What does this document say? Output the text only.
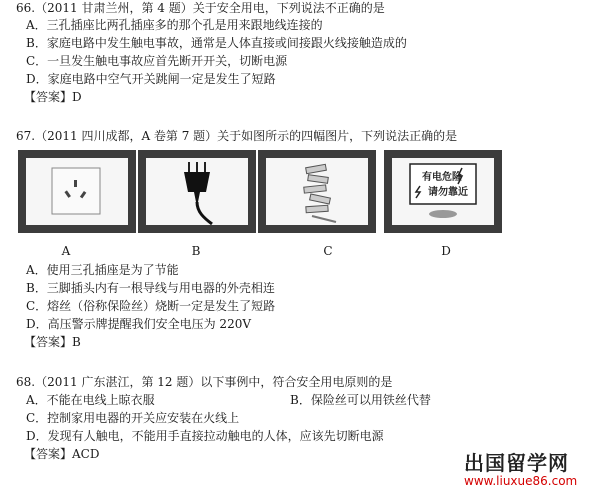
66.（2011 甘肃兰州，第 4 题）关于安全用电，下列说法不正确的是
A．三孔插座比两孔插座多的那个孔是用来跟地线连接的
B．家庭电路中发生触电事故，通常是人体直接或间接跟火线接触造成的
C．一旦发生触电事故应首先断开开关，切断电源
D．家庭电路中空气开关跳闸一定是发生了短路
【答案】D
67.（2011 四川成都，A 卷第 7 题）关于如图所示的四幅图片，下列说法正确的是
有电危险
请勿靠近
A	B	C	D
A．使用三孔插座是为了节能
B．三脚插头内有一根导线与用电器的外壳相连
C．熔丝（俗称保险丝）烧断一定是发生了短路
D．高压警示牌提醒我们安全电压为 220V
【答案】B
68.（2011 广东湛江，第 12 题）以下事例中，符合安全用电原则的是
A．不能在电线上晾衣服	B．保险丝可以用铁丝代替
C．控制家用电器的开关应安装在火线上
D．发现有人触电，不能用手直接拉动触电的人体，应该先切断电源
【答案】ACD	出国留学网
www.liuxue86.com
